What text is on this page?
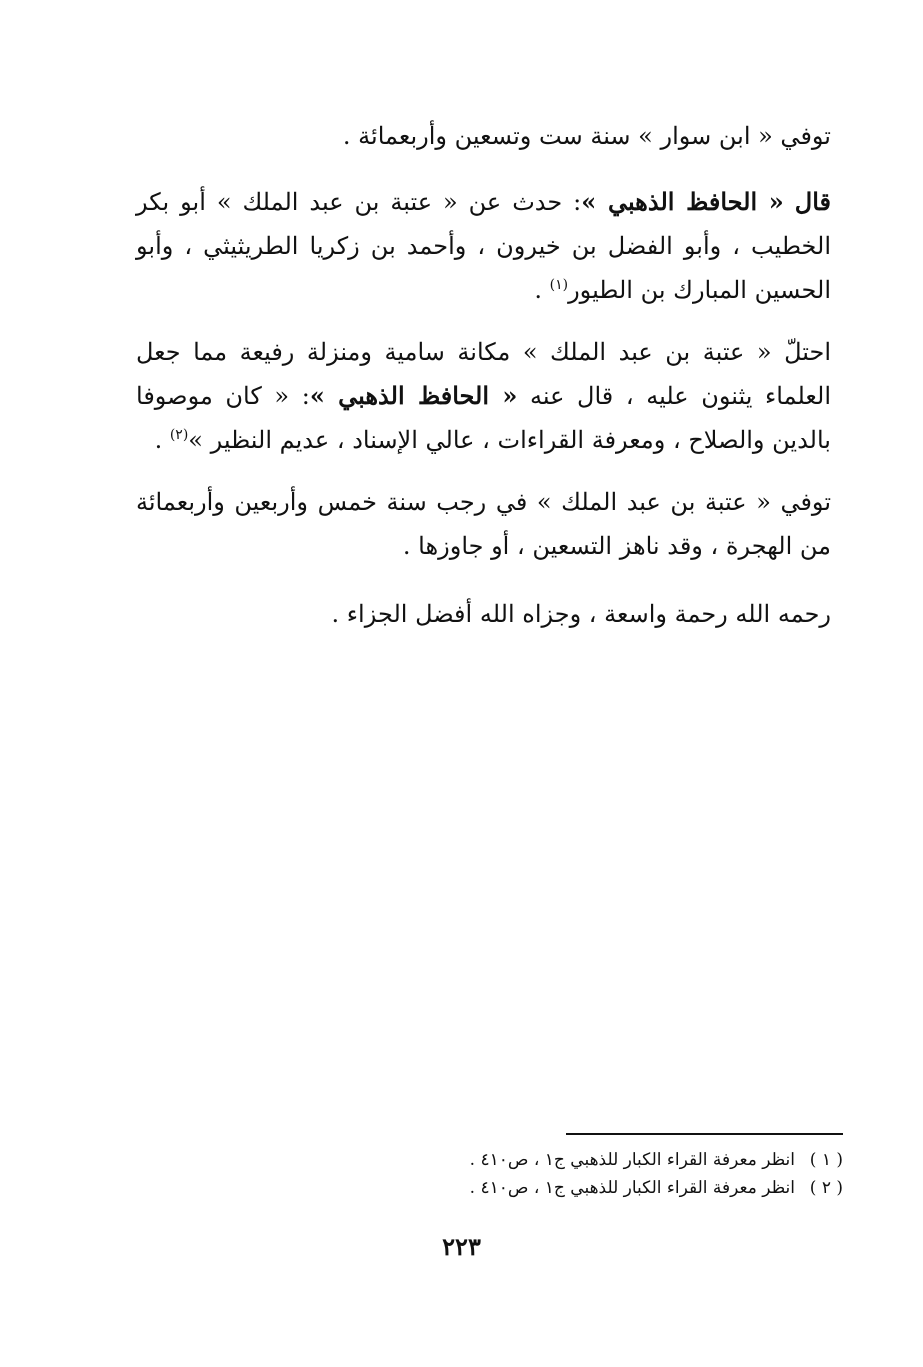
توفي « ابن سوار » سنة ست وتسعين وأربعمائة .

قال « الحافظ الذهبي »: حدث عن « عتبة بن عبد الملك » أبو بكر الخطيب ، وأبو الفضل بن خيرون ، وأحمد بن زكريا الطريثيثي ، وأبو الحسين المبارك بن الطيور$^{(١)}$ .

احتلّ « عتبة بن عبد الملك » مكانة سامية ومنزلة رفيعة مما جعل العلماء يثنون عليه ، قال عنه « الحافظ الذهبي »: « كان موصوفا بالدين والصلاح ، ومعرفة القراءات ، عالي الإسناد ، عديم النظير »$^{(٢)}$ .

توفي « عتبة بن عبد الملك » في رجب سنة خمس وأربعين وأربعمائة من الهجرة ، وقد ناهز التسعين ، أو جاوزها .

رحمه الله رحمة واسعة ، وجزاه الله أفضل الجزاء .

( ١ )انظر معرفة القراء الكبار للذهبي ج١ ، ص٤١٠ .
( ٢ )انظر معرفة القراء الكبار للذهبي ج١ ، ص٤١٠ .
٢٢٣
